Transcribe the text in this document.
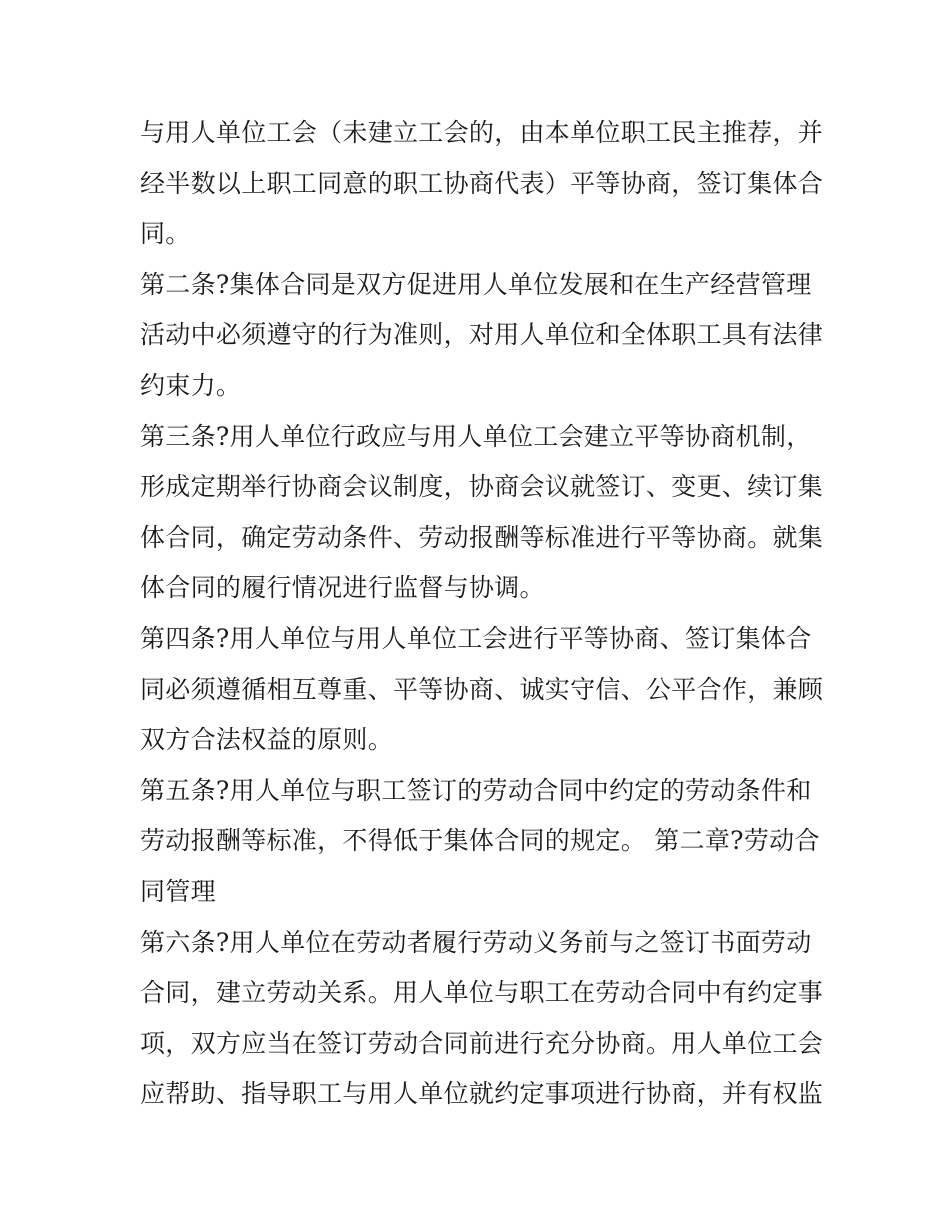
与用人单位工会（未建立工会的，由本单位职工民主推荐，并
经半数以上职工同意的职工协商代表）平等协商，签订集体合
同。
第二条?集体合同是双方促进用人单位发展和在生产经营管理
活动中必须遵守的行为准则，对用人单位和全体职工具有法律
约束力。
第三条?用人单位行政应与用人单位工会建立平等协商机制，
形成定期举行协商会议制度，协商会议就签订、变更、续订集
体合同，确定劳动条件、劳动报酬等标准进行平等协商。就集
体合同的履行情况进行监督与协调。
第四条?用人单位与用人单位工会进行平等协商、签订集体合
同必须遵循相互尊重、平等协商、诚实守信、公平合作，兼顾
双方合法权益的原则。
第五条?用人单位与职工签订的劳动合同中约定的劳动条件和
劳动报酬等标准，不得低于集体合同的规定。 第二章?劳动合
同管理
第六条?用人单位在劳动者履行劳动义务前与之签订书面劳动
合同，建立劳动关系。用人单位与职工在劳动合同中有约定事
项，双方应当在签订劳动合同前进行充分协商。用人单位工会
应帮助、指导职工与用人单位就约定事项进行协商，并有权监
